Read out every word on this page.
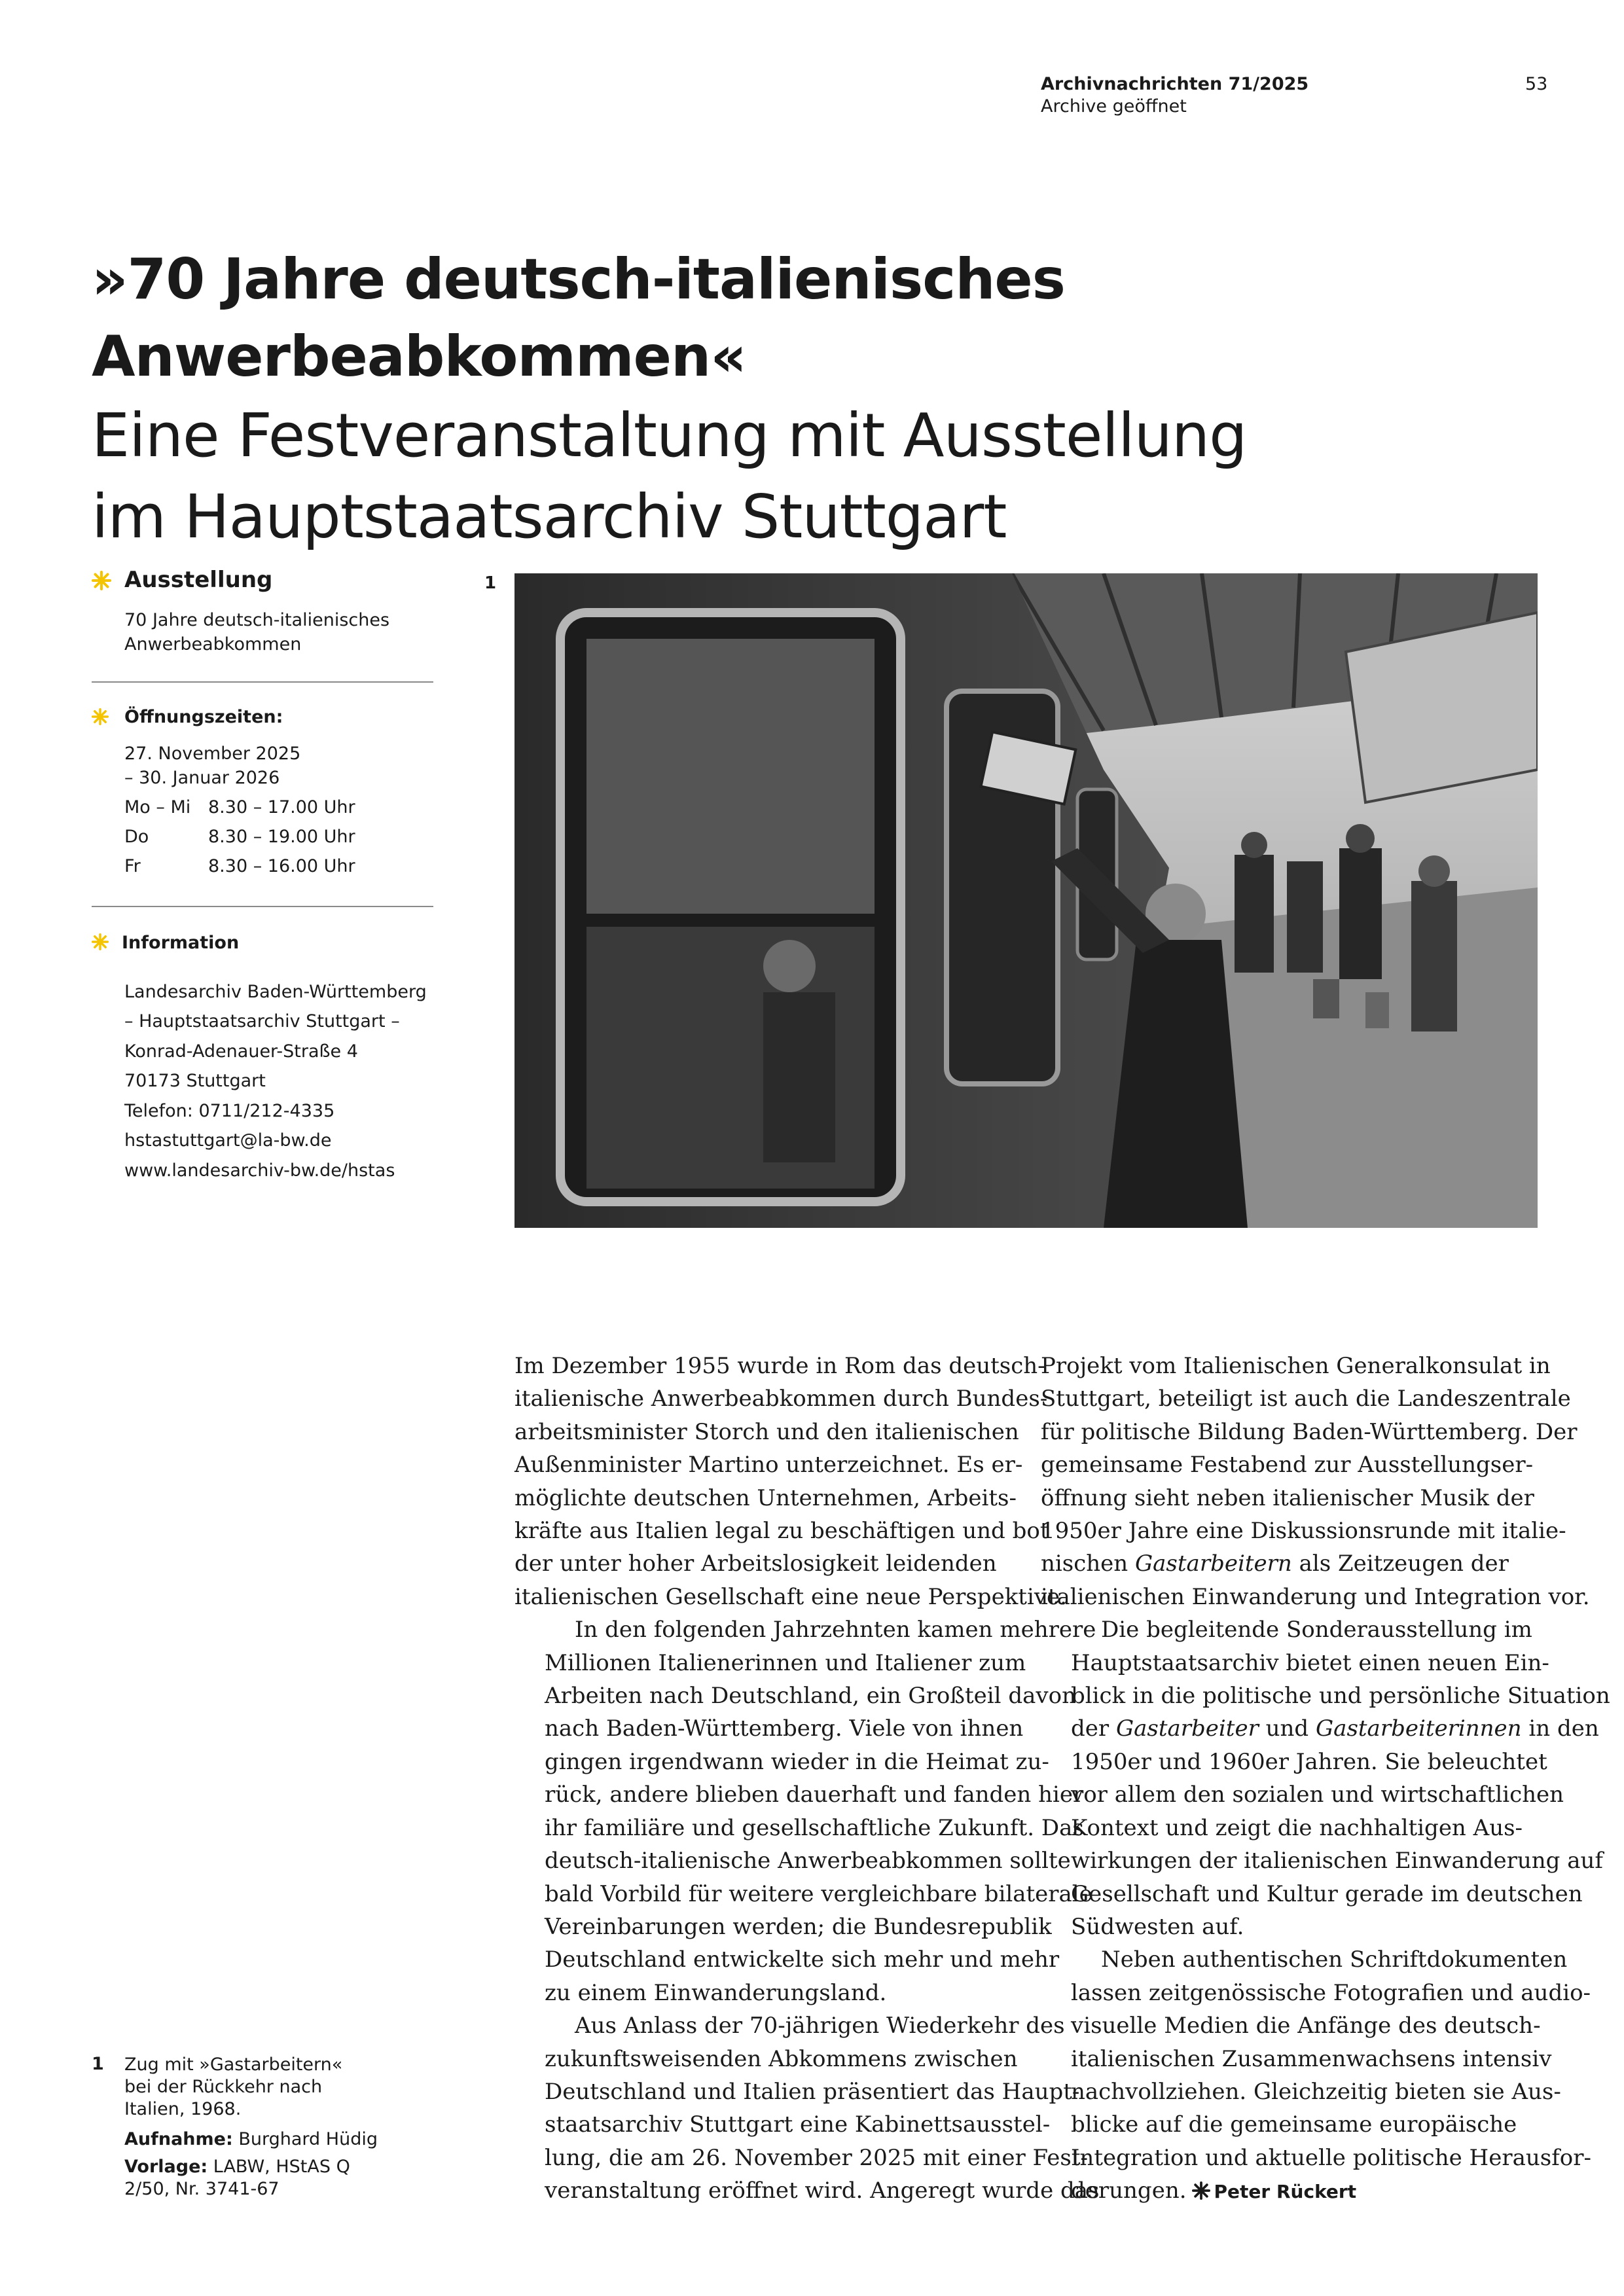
Archivnachrichten 71/2025
Archive geöffnet
53

»70 Jahre deutsch-italienisches

Anwerbeabkommen«

Eine Festveranstaltung mit Ausstellung

im Hauptstaatsarchiv Stuttgart

Ausstellung
70 Jahre deutsch-italienisches
Anwerbeabkommen
Öffnungszeiten:
27. November 2025
– 30. Januar 2026
Mo – Mi 8.30 – 17.00 Uhr
Do	8.30 – 19.00 Uhr
Fr	8.30 – 16.00 Uhr
Information
Landesarchiv Baden-Württemberg
– Hauptstaatsarchiv Stuttgart –
Konrad-Adenauer-Straße 4
70173 Stuttgart
Telefon: 0711/212-4335
hstastuttgart@la-bw.de
www.landesarchiv-bw.de/hstas
1
1 Zug mit »Gastarbeitern«
bei der Rückkehr nach
Italien, 1968.
Aufnahme: Burghard Hüdig
Vorlage: LABW, HStAS Q
2/50, Nr. 3741-67

Im Dezember 1955 wurde in Rom das deutsch-
italienische Anwerbeabkommen durch Bundes-
arbeitsminister Storch und den italienischen
Außenminister Martino unterzeichnet. Es er-
möglichte deutschen Unternehmen, Arbeits-
kräfte aus Italien legal zu beschäftigen und bot
der unter hoher Arbeitslosigkeit leidenden
italienischen Gesellschaft eine neue Perspektive.

In den folgenden Jahrzehnten kamen mehrere
Millionen Italienerinnen und Italiener zum
Arbeiten nach Deutschland, ein Großteil davon
nach Baden-Württemberg. Viele von ihnen
gingen irgendwann wieder in die Heimat zu-
rück, andere blieben dauerhaft und fanden hier
ihr familiäre und gesellschaftliche Zukunft. Das
deutsch-italienische Anwerbeabkommen sollte
bald Vorbild für weitere vergleichbare bilaterale
Vereinbarungen werden; die Bundesrepublik
Deutschland entwickelte sich mehr und mehr
zu einem Einwanderungsland.

Aus Anlass der 70-jährigen Wiederkehr des
zukunftsweisenden Abkommens zwischen
Deutschland und Italien präsentiert das Haupt-
staatsarchiv Stuttgart eine Kabinettsausstel-
lung, die am 26. November 2025 mit einer Fest-
veranstaltung eröffnet wird. Angeregt wurde das

Projekt vom Italienischen Generalkonsulat in
Stuttgart, beteiligt ist auch die Landeszentrale
für politische Bildung Baden-Württemberg. Der
gemeinsame Festabend zur Ausstellungser-
öffnung sieht neben italienischer Musik der
1950er Jahre eine Diskussionsrunde mit italie-
nischen Gastarbeitern als Zeitzeugen der
italienischen Einwanderung und Integration vor.

Die begleitende Sonderausstellung im
Hauptstaatsarchiv bietet einen neuen Ein-
blick in die politische und persönliche Situation
der Gastarbeiter und Gastarbeiterinnen in den
1950er und 1960er Jahren. Sie beleuchtet
vor allem den sozialen und wirtschaftlichen
Kontext und zeigt die nachhaltigen Aus-
wirkungen der italienischen Einwanderung auf
Gesellschaft und Kultur gerade im deutschen
Südwesten auf.

Neben authentischen Schriftdokumenten
lassen zeitgenössische Fotografien und audio-
visuelle Medien die Anfänge des deutsch-
italienischen Zusammenwachsens intensiv
nachvollziehen. Gleichzeitig bieten sie Aus-
blicke auf die gemeinsame europäische
Integration und aktuelle politische Herausfor-
derungen. Peter Rückert
